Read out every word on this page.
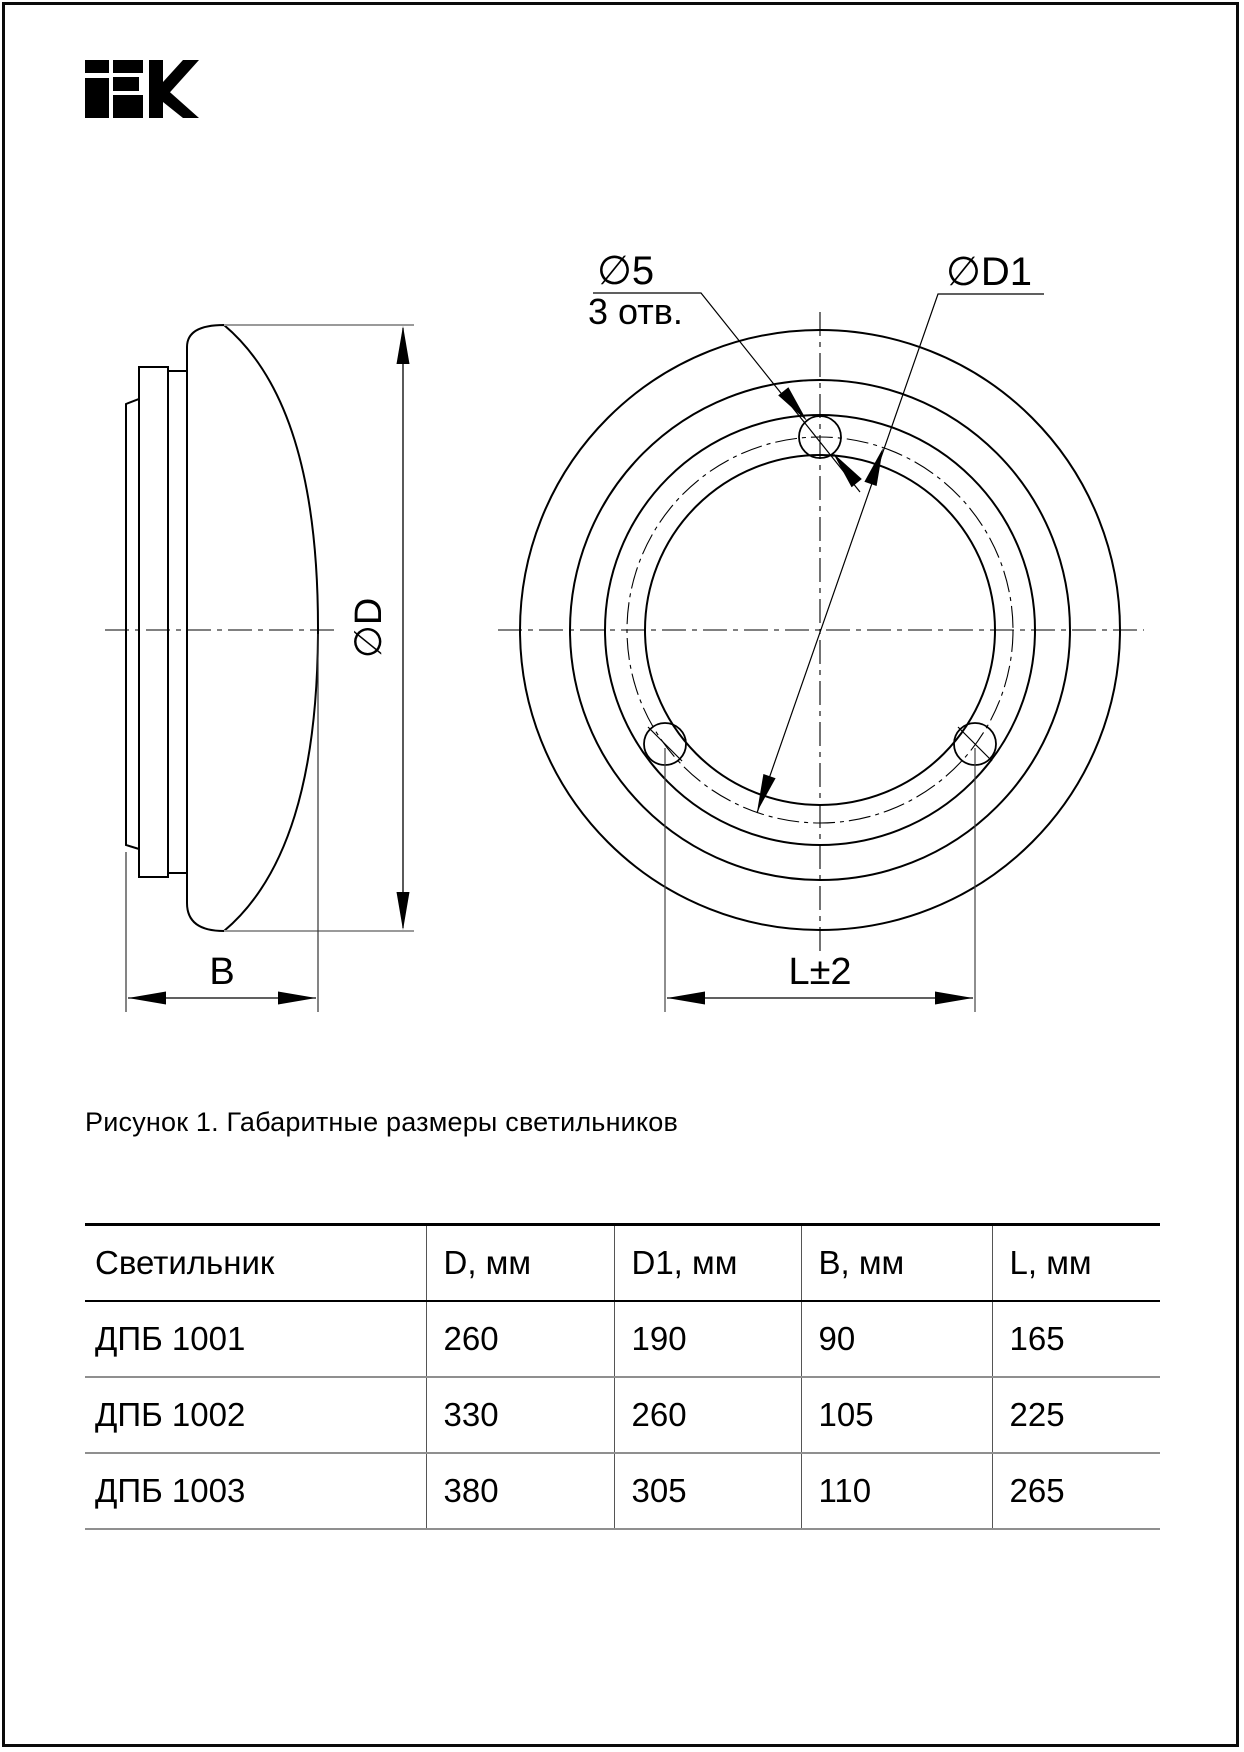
∅D
B
∅5
3 отв.
∅D1
L±2
Рисунок 1. Габаритные размеры светильников
Светильник	D, мм	D1, мм	B, мм	L, мм
ДПБ 1001	260	190	90	165
ДПБ 1002	330	260	105	225
ДПБ 1003	380	305	110	265
